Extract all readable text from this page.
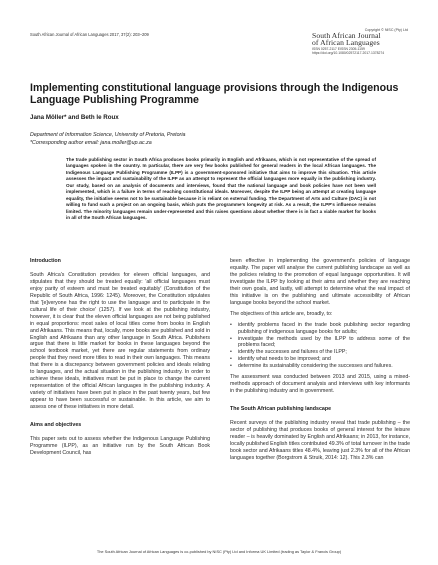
South African Journal of African Languages 2017, 37(2): 203–209
Copyright © NISC (Pty) Ltd
South African Journal
of African Languages
ISSN 0257-2117 EISSN 2305-1159
https://doi.org/10.1080/02572117.2017.1378274
Implementing constitutional language provisions through the Indigenous Language Publishing Programme
Jana Möller* and Beth le Roux
Department of Information Science, University of Pretoria, Pretoria
*Corresponding author email: jana.moller@up.ac.za
The trade publishing sector in South Africa produces books primarily in English and Afrikaans, which is not representative of the spread of languages spoken in the country. In particular, there are very few books published for general readers in the local African languages. The Indigenous Language Publishing Programme (ILPP) is a government-sponsored initiative that aims to improve this situation. This article assesses the impact and sustainability of the ILPP as an attempt to represent the official languages more equally in the publishing industry. Our study, based on an analysis of documents and interviews, found that the national language and book policies have not been well implemented, which is a failure in terms of reaching constitutional ideals. Moreover, despite the ILPP being an attempt at creating language equality, the initiative seems not to be sustainable because it is reliant on external funding. The Department of Arts and Culture (DAC) is not willing to fund such a project on an ongoing basis, which puts the programme's longevity at risk. As a result, the ILPP's influence remains limited. The minority languages remain under-represented and this raises questions about whether there is in fact a viable market for books in all of the South African languages.
Introduction

South Africa's Constitution provides for eleven official languages, and stipulates that they should be treated equally: 'all official languages must enjoy parity of esteem and must be treated equitably' (Constitution of the Republic of South Africa, 1996: 1245). Moreover, the Constitution stipulates that '[e]veryone has the right to use the language and to participate in the cultural life of their choice' (1257). If we look at the publishing industry, however, it is clear that the eleven official languages are not being published in equal proportions: most sales of local titles come from books in English and Afrikaans. This means that, locally, more books are published and sold in English and Afrikaans than any other language in South Africa. Publishers argue that there is little market for books in these languages beyond the school textbook market, yet there are regular statements from ordinary people that they need more titles to read in their own languages. This means that there is a discrepancy between government policies and ideals relating to languages, and the actual situation in the publishing industry. In order to achieve these ideals, initiatives must be put in place to change the current representation of the official African languages in the publishing industry. A variety of initiatives have been put in place in the past twenty years, but few appear to have been successful or sustainable. In this article, we aim to assess one of these initiatives in more detail.

Aims and objectives

This paper sets out to assess whether the Indigenous Language Publishing Programme (ILPP), as an initiative run by the South African Book Development Council, has

been effective in implementing the government's policies of language equality. The paper will analyse the current publishing landscape as well as the policies relating to the promotion of equal language opportunities. It will investigate the ILPP by looking at their aims and whether they are reaching their own goals, and lastly, will attempt to determine what the real impact of this initiative is on the publishing and ultimate accessibility of African language books beyond the school market.

The objectives of this article are, broadly, to:

• identify problems faced in the trade book publishing sector regarding publishing of indigenous language books for adults;
• investigate the methods used by the ILPP to address some of the problems faced;
• identify the successes and failures of the ILPP;
• identify what needs to be improved; and
• determine its sustainability considering the successes and failures.

The assessment was conducted between 2013 and 2015, using a mixed-methods approach of document analysis and interviews with key informants in the publishing industry and in government.

The South African publishing landscape

Recent surveys of the publishing industry reveal that trade publishing – the sector of publishing that produces books of general interest for the leisure reader – is heavily dominated by English and Afrikaans; in 2013, for instance, locally published English titles contributed 49.3% of total turnover in the trade book sector and Afrikaans titles 48.4%, leaving just 2.3% for all of the African languages together (Borgstrom & Struik, 2014: 12). This 2.3% can

The South African Journal of African Languages is co-published by NISC (Pty) Ltd and Informa UK Limited (trading as Taylor & Francis Group)
